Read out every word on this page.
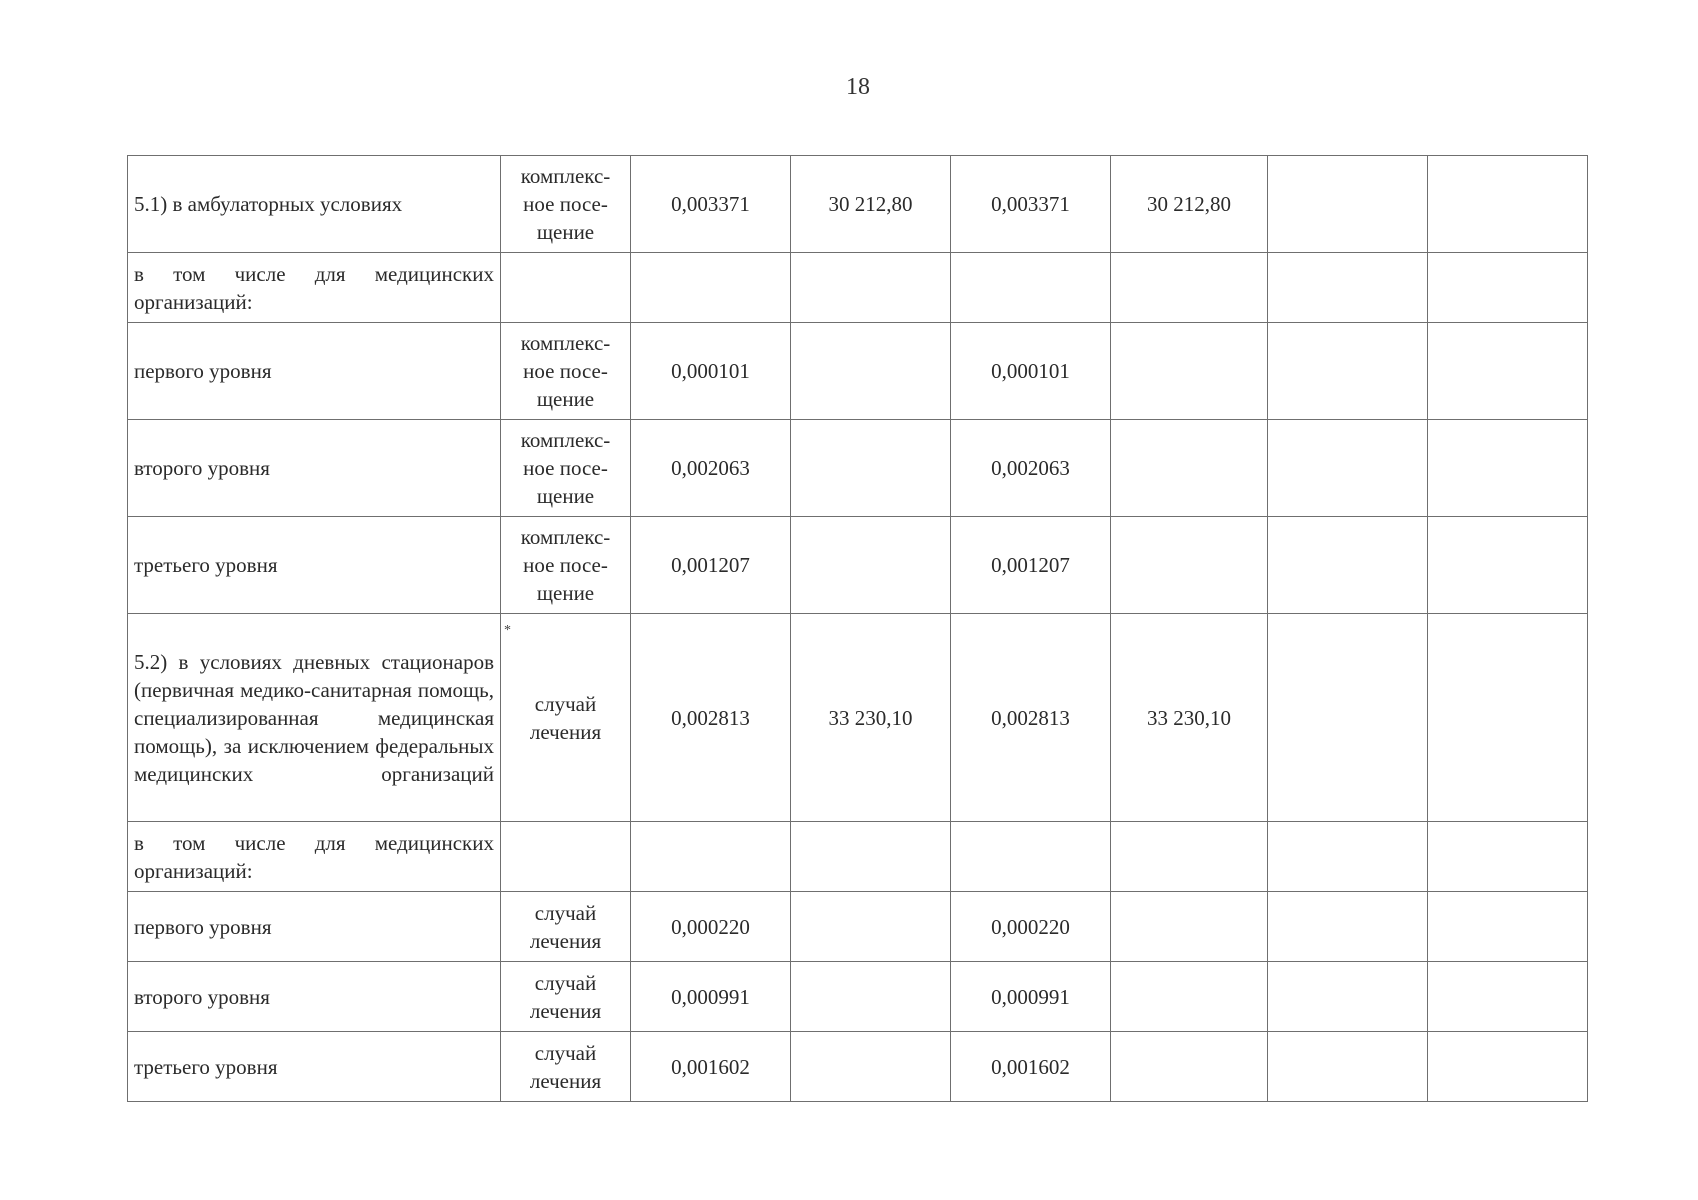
18
*
5.1) в амбулаторных условиях	комплекс-ное посе-щение	0,003371	30 212,80	0,003371	30 212,80		
в том числе для медицинских организаций:							
первого уровня	комплекс-ное посе-щение	0,000101		0,000101			
второго уровня	комплекс-ное посе-щение	0,002063		0,002063			
третьего уровня	комплекс-ное посе-щение	0,001207		0,001207			
5.2) в условиях дневных стационаров (первичная медико-санитарная помощь, специализированная медицинская помощь), за исключением федеральных медицинских организаций	случай лечения	0,002813	33 230,10	0,002813	33 230,10		
в том числе для медицинских организаций:							
первого уровня	случай лечения	0,000220		0,000220			
второго уровня	случай лечения	0,000991		0,000991			
третьего уровня	случай лечения	0,001602		0,001602			
